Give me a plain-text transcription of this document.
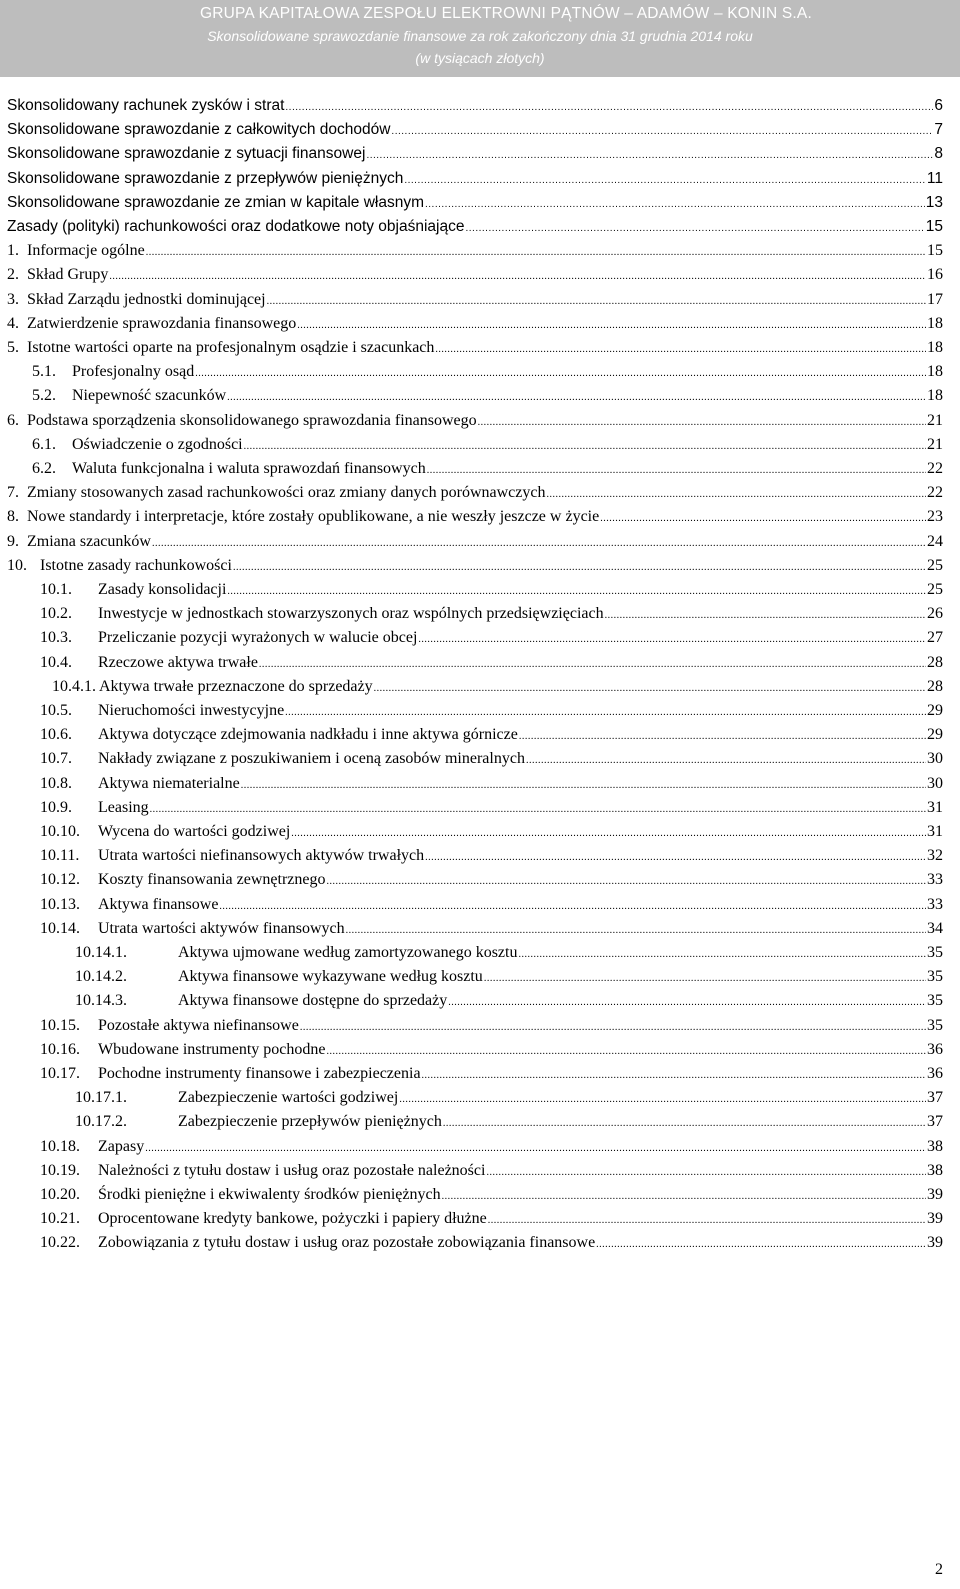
GRUPA KAPITAŁOWA ZESPOŁU ELEKTROWNI PĄTNÓW – ADAMÓW – KONIN S.A.
Skonsolidowane sprawozdanie finansowe za rok zakończony dnia 31 grudnia 2014 roku
(w tysiącach złotych)
Skonsolidowany rachunek zysków i strat .....	6
Skonsolidowane sprawozdanie z całkowitych dochodów .....	7
Skonsolidowane sprawozdanie z sytuacji finansowej .....	8
Skonsolidowane sprawozdanie z przepływów pieniężnych .....	11
Skonsolidowane sprawozdanie ze zmian w kapitale własnym .....	13
Zasady (polityki) rachunkowości oraz dodatkowe noty objaśniające .....	15
1. Informacje ogólne .....	15
2. Skład Grupy .....	16
3. Skład Zarządu jednostki dominującej .....	17
4. Zatwierdzenie sprawozdania finansowego .....	18
5. Istotne wartości oparte na profesjonalnym osądzie i szacunkach .....	18
5.1.	Profesjonalny osąd .....	18
5.2.	Niepewność szacunków .....	18
6. Podstawa sporządzenia skonsolidowanego sprawozdania finansowego .....	21
6.1.	Oświadczenie o zgodności .....	21
6.2.	Waluta funkcjonalna i waluta sprawozdań finansowych .....	22
7. Zmiany stosowanych zasad rachunkowości oraz zmiany danych porównawczych .....	22
8. Nowe standardy i interpretacje, które zostały opublikowane, a nie weszły jeszcze w życie .....	23
9. Zmiana szacunków .....	24
10. Istotne zasady rachunkowości .....	25
10.1.	Zasady konsolidacji .....	25
10.2.	Inwestycje w jednostkach stowarzyszonych oraz wspólnych przedsięwzięciach .....	26
10.3.	Przeliczanie pozycji wyrażonych w walucie obcej .....	27
10.4.	Rzeczowe aktywa trwałe .....	28
10.4.1. Aktywa trwałe przeznaczone do sprzedaży .....	28
10.5.	Nieruchomości inwestycyjne .....	29
10.6.	Aktywa dotyczące zdejmowania nadkładu i inne aktywa górnicze .....	29
10.7.	Nakłady związane z poszukiwaniem i oceną zasobów mineralnych .....	30
10.8.	Aktywa niematerialne .....	30
10.9.	Leasing .....	31
10.10.	Wycena do wartości godziwej .....	31
10.11.	Utrata wartości niefinansowych aktywów trwałych .....	32
10.12.	Koszty finansowania zewnętrznego .....	33
10.13.	Aktywa finansowe .....	33
10.14.	Utrata wartości aktywów finansowych .....	34
10.14.1.	Aktywa ujmowane według zamortyzowanego kosztu .....	35
10.14.2.	Aktywa finansowe wykazywane według kosztu .....	35
10.14.3.	Aktywa finansowe dostępne do sprzedaży .....	35
10.15.	Pozostałe aktywa niefinansowe .....	35
10.16.	Wbudowane instrumenty pochodne .....	36
10.17.	Pochodne instrumenty finansowe i zabezpieczenia .....	36
10.17.1.	Zabezpieczenie wartości godziwej .....	37
10.17.2.	Zabezpieczenie przepływów pieniężnych .....	37
10.18.	Zapasy .....	38
10.19.	Należności z tytułu dostaw i usług oraz pozostałe należności .....	38
10.20.	Środki pieniężne i ekwiwalenty środków pieniężnych .....	39
10.21.	Oprocentowane kredyty bankowe, pożyczki i papiery dłużne .....	39
10.22.	Zobowiązania z tytułu dostaw i usług oraz pozostałe zobowiązania finansowe .....	39
2
